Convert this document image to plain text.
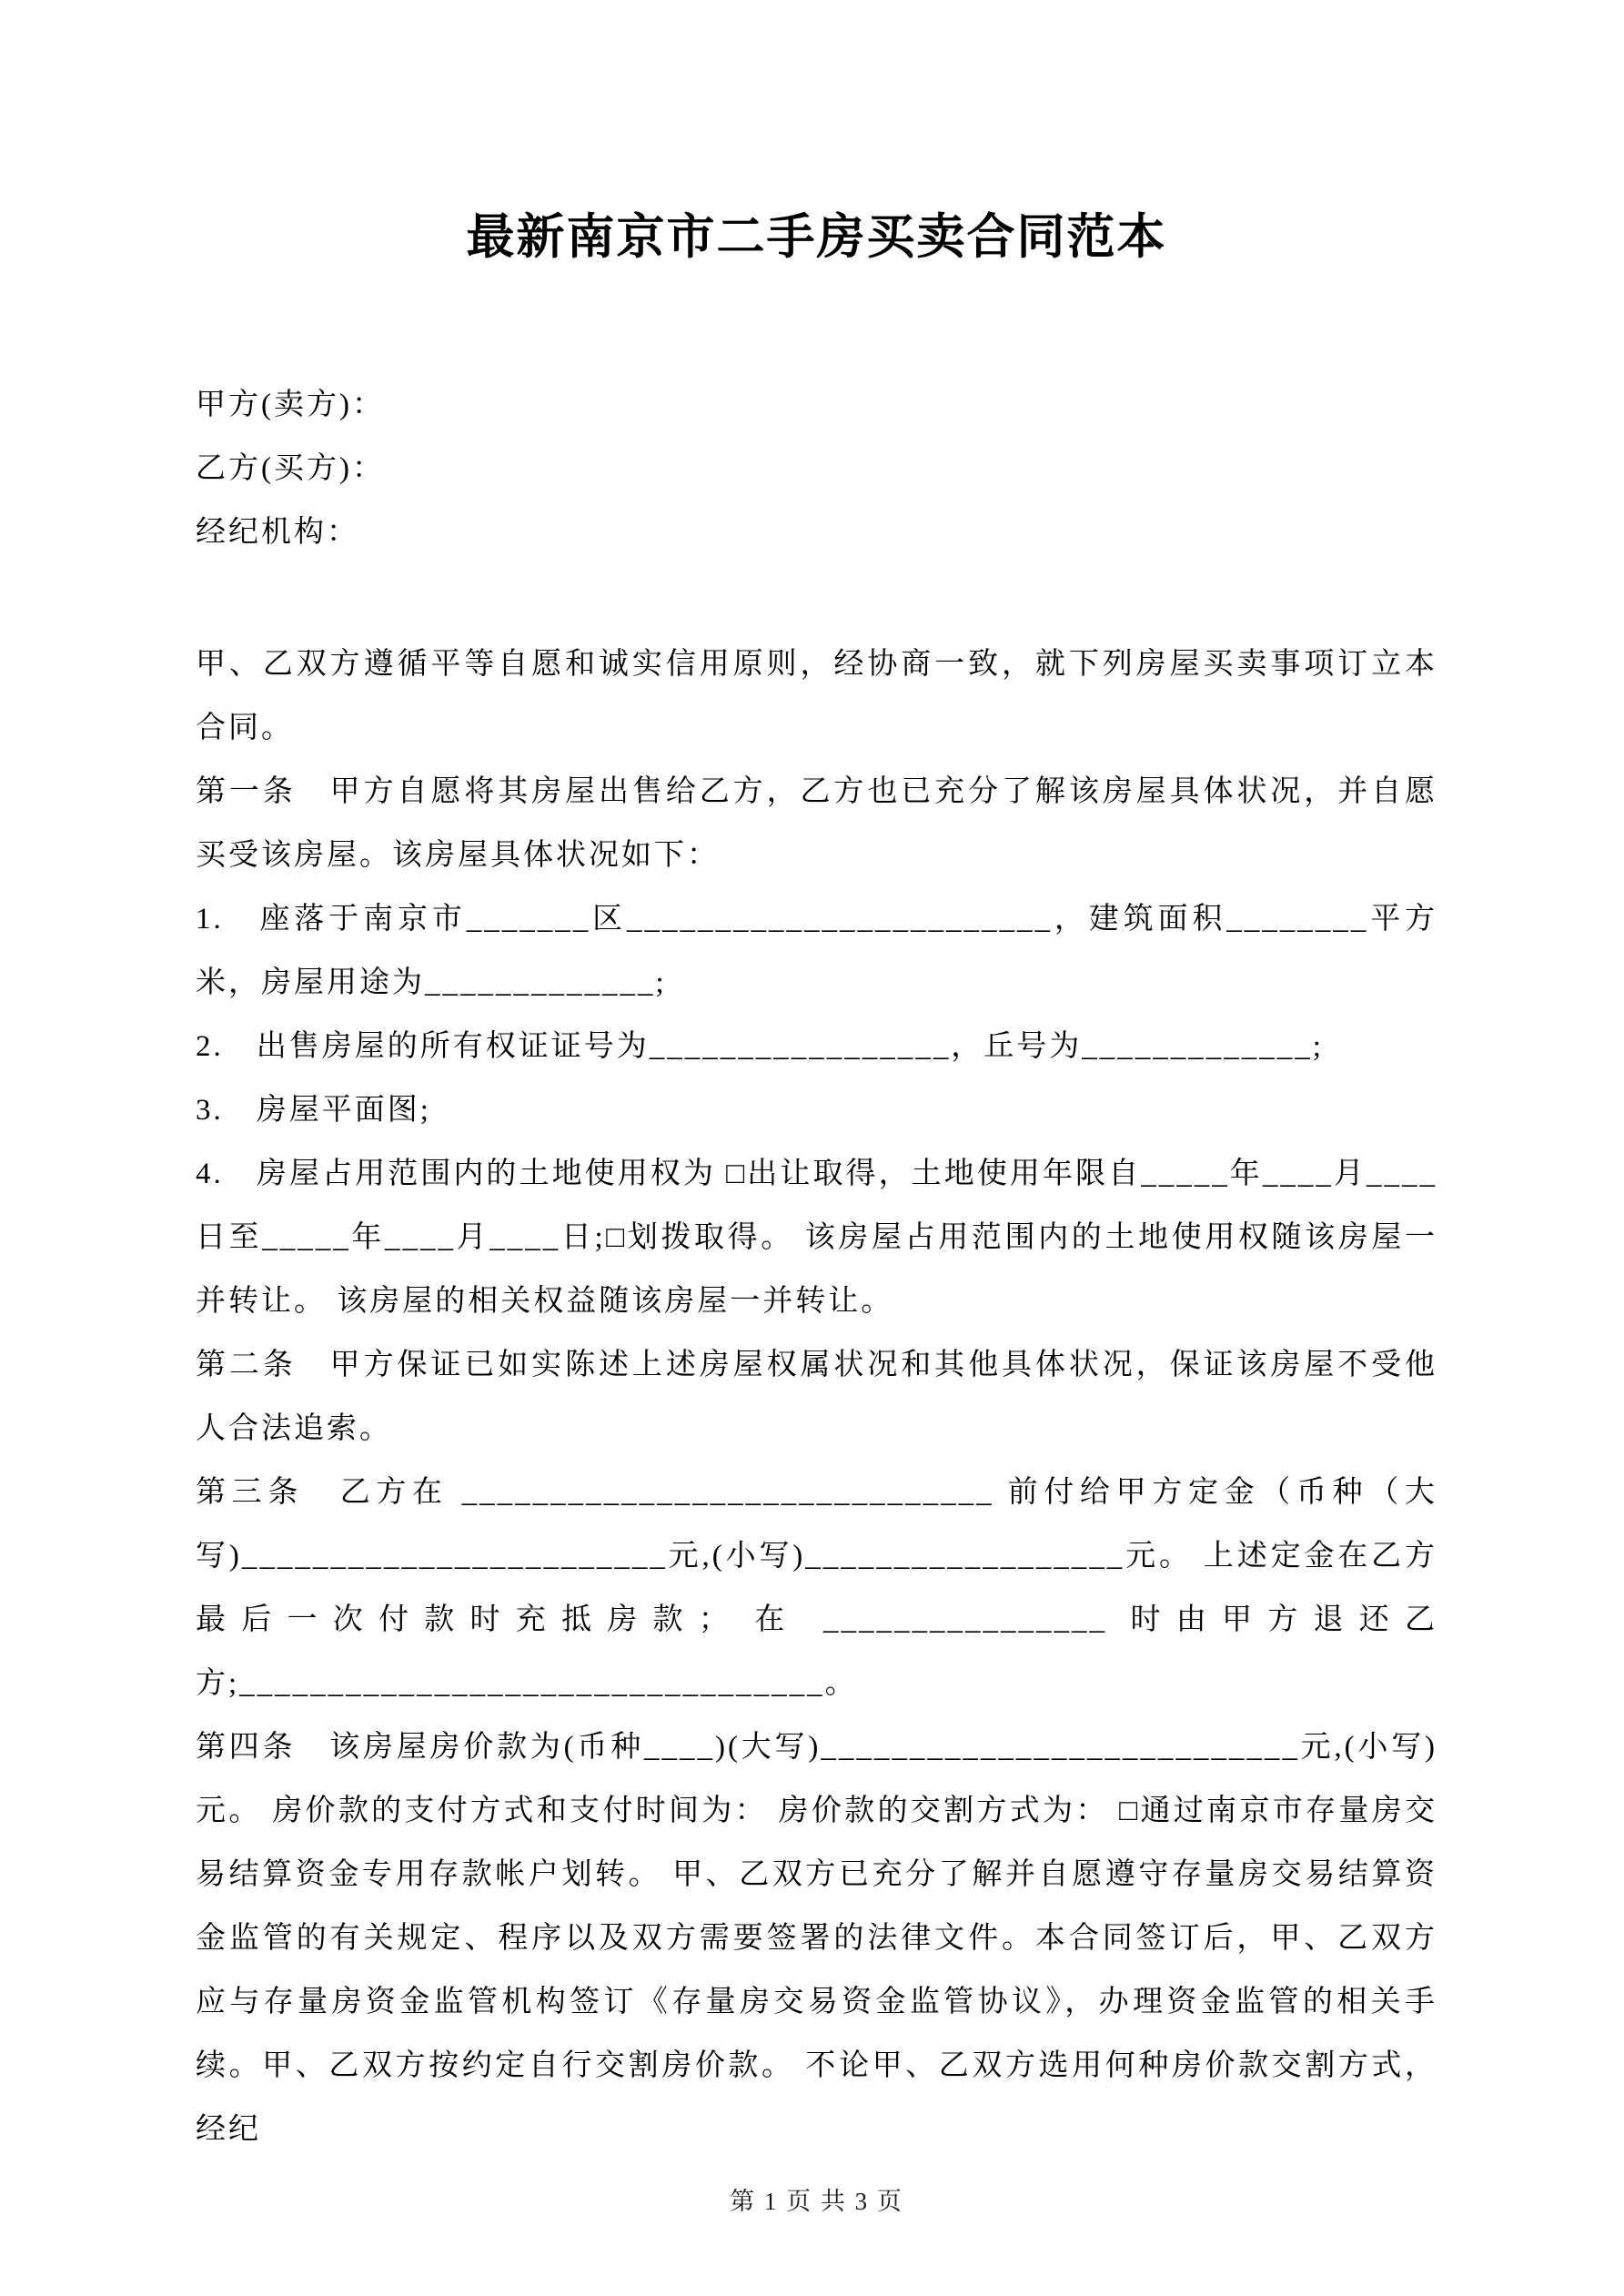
最新南京市二手房买卖合同范本

甲方(卖方)：

乙方(买方)：

经纪机构：

甲、乙双方遵循平等自愿和诚实信用原则，经协商一致，就下列房屋买卖事项订立本合同。

第一条　甲方自愿将其房屋出售给乙方，乙方也已充分了解该房屋具体状况，并自愿买受该房屋。该房屋具体状况如下：

1.　座落于南京市_______区________________________，建筑面积________平方米，房屋用途为_____________;

2.　出售房屋的所有权证证号为_________________，丘号为_____________;

3.　房屋平面图;

4.　房屋占用范围内的土地使用权为 □出让取得，土地使用年限自_____年____月____日至_____年____月____日;□划拨取得。 该房屋占用范围内的土地使用权随该房屋一并转让。 该房屋的相关权益随该房屋一并转让。

第二条　甲方保证已如实陈述上述房屋权属状况和其他具体状况，保证该房屋不受他人合法追索。

第三条　乙方在 ______________________________ 前付给甲方定金（币种（大写)________________________元,(小写)__________________元。 上述定金在乙方最后一次付款时充抵房款； 在 ________________ 时由甲方退还乙方;_________________________________。

第四条　该房屋房价款为(币种____)(大写)___________________________元,(小写)元。 房价款的支付方式和支付时间为： 房价款的交割方式为： □通过南京市存量房交易结算资金专用存款帐户划转。 甲、乙双方已充分了解并自愿遵守存量房交易结算资金监管的有关规定、程序以及双方需要签署的法律文件。本合同签订后，甲、乙双方应与存量房资金监管机构签订《存量房交易资金监管协议》，办理资金监管的相关手续。甲、乙双方按约定自行交割房价款。 不论甲、乙双方选用何种房价款交割方式，经纪

第 1 页 共 3 页
